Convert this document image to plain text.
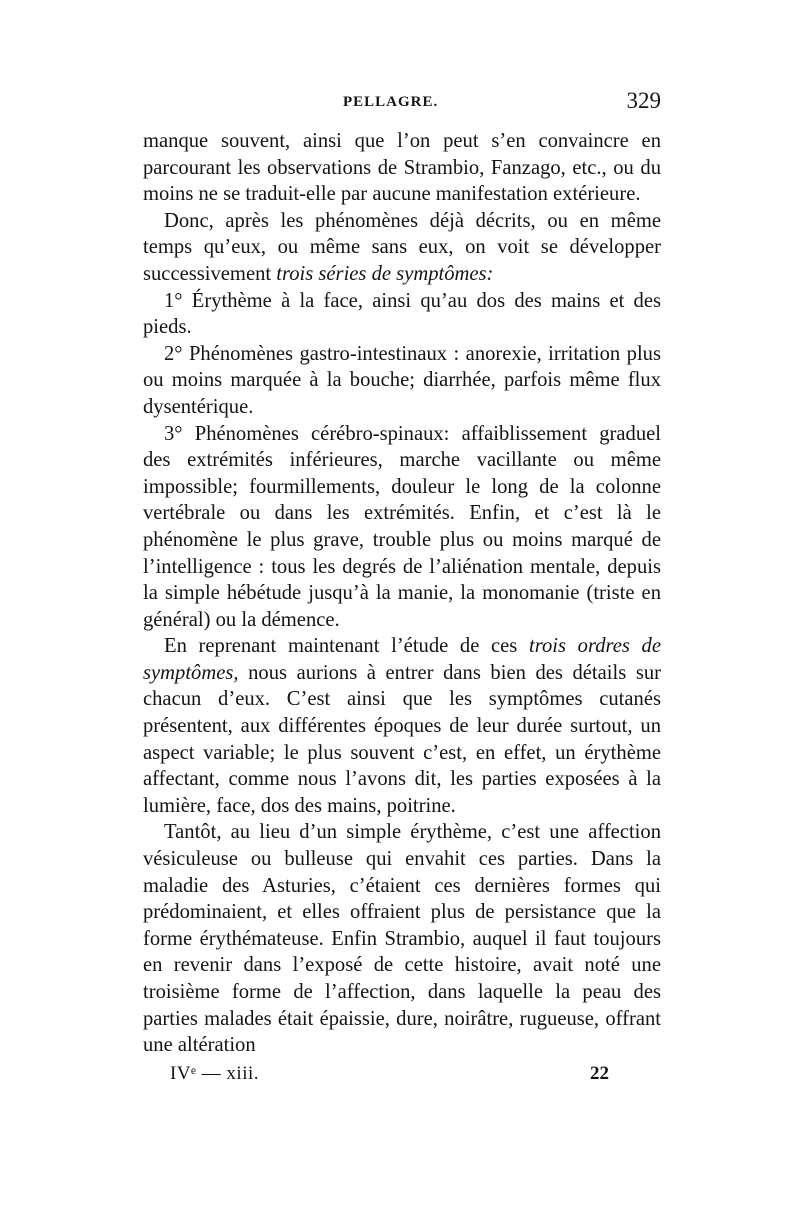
PELLAGRE.	329

manque souvent, ainsi que l’on peut s’en convaincre en parcourant les observations de Strambio, Fanzago, etc., ou du moins ne se traduit-elle par aucune manifestation extérieure.

Donc, après les phénomènes déjà décrits, ou en même temps qu’eux, ou même sans eux, on voit se développer successivement trois séries de symptômes:

1° Érythème à la face, ainsi qu’au dos des mains et des pieds.

2° Phénomènes gastro-intestinaux : anorexie, irritation plus ou moins marquée à la bouche; diarrhée, parfois même flux dysentérique.

3° Phénomènes cérébro-spinaux: affaiblissement graduel des extrémités inférieures, marche vacillante ou même impossible; fourmillements, douleur le long de la colonne vertébrale ou dans les extrémités. Enfin, et c’est là le phénomène le plus grave, trouble plus ou moins marqué de l’intelligence : tous les degrés de l’aliénation mentale, depuis la simple hébétude jusqu’à la manie, la monomanie (triste en général) ou la démence.

En reprenant maintenant l’étude de ces trois ordres de symptômes, nous aurions à entrer dans bien des détails sur chacun d’eux. C’est ainsi que les symptômes cutanés présentent, aux différentes époques de leur durée surtout, un aspect variable; le plus souvent c’est, en effet, un érythème affectant, comme nous l’avons dit, les parties exposées à la lumière, face, dos des mains, poitrine.

Tantôt, au lieu d’un simple érythème, c’est une affection vésiculeuse ou bulleuse qui envahit ces parties. Dans la maladie des Asturies, c’étaient ces dernières formes qui prédominaient, et elles offraient plus de persistance que la forme érythémateuse. Enfin Strambio, auquel il faut toujours en revenir dans l’exposé de cette histoire, avait noté une troisième forme de l’affection, dans laquelle la peau des parties malades était épaissie, dure, noirâtre, rugueuse, offrant une altération

IVᵉ — xiii.	22
